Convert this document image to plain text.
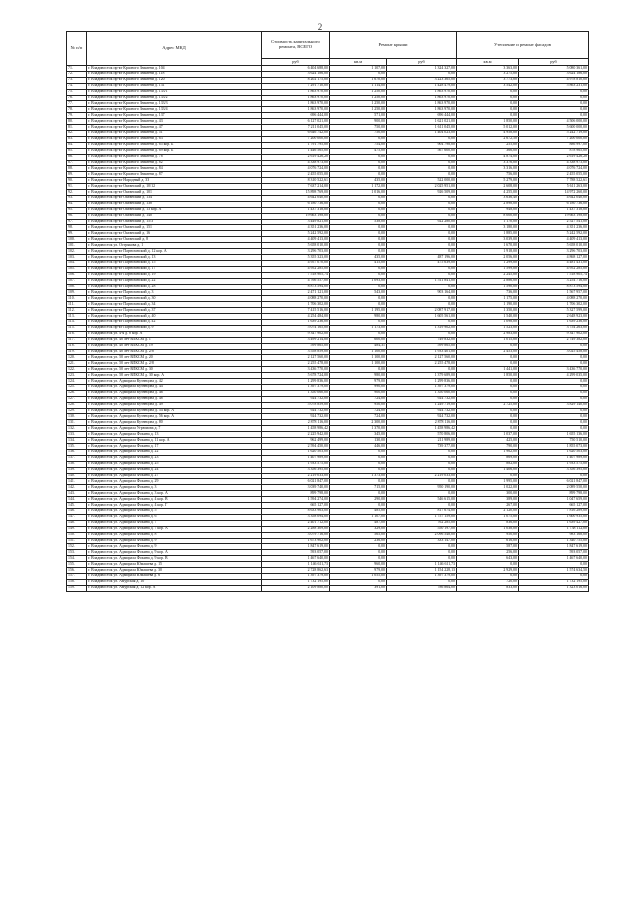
2
№ п/п	Адрес МКД	Стоимость капитального ремонта, ВСЕГО	Ремонт крыши		Утепление и ремонт фасадов	
		руб	кв.м	руб	кв.м	руб
71.	г. Владивосток пр-кт Красного Знамени д. 104	6 404 688,00	1 107,00	1 324 327,00	3 363,00	5 080 361,00
72.	г. Владивосток пр-кт Красного Знамени д. 118	3 624 186,00	0,00	0,00	3 275,00	3 624 186,00
73.	г. Владивосток пр-кт Красного Знамени д. 120	8 202 175,00	1 670,00	3 223 365,00	3 773,00	4 978 810,00
74.	г. Владивосток пр-кт Красного Знамени д. 131	7 291 710,00	1 114,00	1 428 479,00	3 542,00	5 863 231,00
75.	г. Владивосток пр-кт Красного Знамени д. 133/1	1 863 970,00	1 250,00	1 863 970,00	0,00	0,00
76.	г. Владивосток пр-кт Красного Знамени д. 133/2	1 863 970,00	1 250,00	1 863 970,00	0,00	0,00
77.	г. Владивосток пр-кт Красного Знамени д. 133/3	1 863 970,00	1 250,00	1 863 970,00	0,00	0,00
78.	г. Владивосток пр-кт Красного Знамени д. 133/4	1 863 970,00	1 250,00	1 863 970,00	0,00	0,00
79.	г. Владивосток пр-кт Красного Знамени д. 137	696 444,00	571,00	696 444,00	0,00	0,00
80.	г. Владивосток пр-кт Красного Знамени д. 43	6 127 021,00	900,00	1 621 021,00	1 850,00	4 506 000,00
81.	г. Владивосток пр-кт Красного Знамени д. 47	7 211 045,00	750,00	1 611 045,00	5 012,00	5 600 000,00
82.	г. Владивосток пр-кт Красного Знамени д. 51	6 646 742,00	750,00	1 404 023,00	4 958,00	5 242 719,00
83.	г. Владивосток пр-кт Красного Знамени д. 63	7 200 000,00	0,00	0,00	2 672,50	7 200 000,00
84.	г. Владивосток пр-кт Красного Знамени д. 65 кор. Б	1 791 795,00	754,00	904 798,00	255,00	886 997,00
85.	г. Владивосток пр-кт Красного Знамени д. 69 кор. Б	1 446 565,00	475,00	567 600,00	366,00	878 965,00
86.	г. Владивосток пр-кт Красного Знамени д. 78	2 619 426,28	0,00	0,00	4 874,00	2 619 426,28
87.	г. Владивосток пр-кт Красного Знамени д. 82	4 338 973,00	0,00	0,00	3 376,00	4 338 973,00
88.	г. Владивосток пр-кт Красного Знамени д. 84	4 076 724,00	0,00	0,00	3 316,00	4 076 724,00
89.	г. Владивосток пр-кт Красного Знамени д. 87	2 455 055,00	0,00	0,00	756,00	2 455 055,00
90.	г. Владивосток пр-кт Народный д. 33	8 310 522,61	435,00	522 000,00	5 279,00	7 788 522,61
91.	г. Владивосток пр-кт Океанский д. 10/12	7 637 214,00	1 172,00	2 025 951,00	2 608,00	5 611 263,00
92.	г. Владивосток пр-кт Океанский д. 101	15 898 769,00	1 016,00	926 509,00	4 255,00	14 972 260,00
93.	г. Владивосток пр-кт Океанский д. 134	4 642 040,00	0,00	0,00	3 636,40	4 642 040,00
94.	г. Владивосток пр-кт Океанский д. 138	6 180 736,00	0,00	0,00	2 898,00	6 180 736,00
95.	г. Владивосток пр-кт Океанский д. 13 кор. А	1 437 318,00	0,00	0,00	948,00	1 437 318,00
96.	г. Владивосток пр-кт Океанский д. 140	19 663 198,00	0,00	0,00	8 000,00	19 663 198,00
97.	г. Владивосток пр-кт Океанский д. 15/3	3 449 821,00	538,00	922 280,00	1 170,00	2 527 541,00
98.	г. Владивосток пр-кт Океанский д. 151	4 351 236,00	0,00	0,00	3 180,00	4 351 236,00
99.	г. Владивосток пр-кт Океанский д. 16	5 242 592,00	0,00	0,00	1 885,00	5 242 592,00
100.	г. Владивосток пр-кт Океанский д. 8	4 409 413,00	0,00	0,00	3 039,00	4 409 413,00
101.	г. Владивосток ул. Острякова д. 1	5 658 010,00	0,00	0,00	1 670,00	5 658 010,00
102.	г. Владивосток пр-кт Партизанский д. 12 кор. А	3 296 703,00	0,00	0,00	1 918,00	3 296 703,00
103.	г. Владивосток пр-кт Партизанский д. 13	5 355 323,00	435,00	487 196,00	2 056,00	4 868 127,00
104.	г. Владивосток пр-кт Партизанский д. 15	4 957 070,00	415,00	475 639,00	1 299,00	4 481 431,00
105.	г. Владивосток пр-кт Партизанский д. 17	4 952 285,00	0,00	0,00	1 599,00	4 952 285,00
106.	г. Владивосток пр-кт Партизанский д. 19	7 518 905,74	0,00	0,00	2 245,00	7 518 905,74
107.	г. Владивосток пр-кт Партизанский д. 22	4 766 557,00	1 093,00	1 511 841,00	2 886,00	3 254 716,00
108.	г. Владивосток пр-кт Партизанский д. 28	8 873 594,00	0,00	0,00	1 590,00	8 873 594,00
109.	г. Владивосток пр-кт Партизанский д. 3	2 471 121,00	543,00	903 164,00	736,00	1 567 957,00
110.	г. Владивосток пр-кт Партизанский д. 30	4 088 270,00	0,00	0,00	1 175,00	4 088 270,00
111.	г. Владивосток пр-кт Партизанский д. 34	1 706 302,00	0,00	0,00	1 190,00	1 706 302,00
112.	г. Владивосток пр-кт Партизанский д. 37	7 415 516,00	1 195,00	2 087 917,00	1 350,00	5 327 599,00
113.	г. Владивосток пр-кт Партизанский д. 40	4 254 484,00	980,00	1 605 561,00	1 540,00	2 648 923,00
114.	г. Владивосток пр-кт Партизанский д. 42	1 639 236,00	0,00	0,00	1 098,00	1 639 236,00
115.	г. Владивосток пр-кт Партизанский д. 9	5 074 165,00	1 173,00	1 319 902,00	1 523,00	3 754 263,00
116.	г. Владивосток ул. 4-я д. 8 кор. А	9 347 902,00	0,00	0,00	2 983,00	9 347 902,00
117.	г. Владивосток ул. 40 лет ВЛКСМ д. 1	3 499 214,00	600,00	749 832,00	1 015,00	2 749 382,00
118.	г. Владивосток ул. 40 лет ВЛКСМ д. 19	599 865,00	484,31	599 865,00	0,00	0,00
119.	г. Владивосток ул. 40 лет ВЛКСМ д. 2/8	3 558 859,00	1 100,00	1 933 401,00	2 453,00	3 025 458,00
120.	г. Владивосток ул. 50 лет ВЛКСМ д. 20	2 127 560,00	1 100,00	2 127 560,00	0,00	0,00
121.	г. Владивосток ул. 50 лет ВЛКСМ д. 2/8	2 255 478,00	1 100,00	2 255 478,00	0,00	0,00
122.	г. Владивосток ул. 50 лет ВЛКСМ д. 30	3 436 770,00	0,00	0,00	1 441,00	3 436 770,00
123.	г. Владивосток ул. 50 лет ВЛКСМ д. 30 кор. А	5 678 724,00	980,00	1 379 689,00	1 850,00	4 299 035,00
124.	г. Владивосток ул. Адмирала Кузнецова д. 42	1 299 836,00	979,00	1 299 836,00	0,00	0,00
125.	г. Владивосток ул. Адмирала Кузнецова д. 44	1 397 379,00	990,00	1 397 379,00	0,00	0,00
126.	г. Владивосток ул. Адмирала Кузнецова д. 46	1 350 060,00	900,00	1 350 060,00	0,00	0,00
127.	г. Владивосток ул. Адмирала Кузнецова д. 48	924 732,00	724,00	924 732,00	0,00	0,00
128.	г. Владивосток ул. Адмирала Кузнецова д. 49	5 078 859,00	950,00	1 249 719,00	2 725,00	3 829 140,00
129.	г. Владивосток ул. Адмирала Кузнецова д. 54 кор. А	924 732,00	724,00	924 732,00	0,00	0,00
130.	г. Владивосток ул. Адмирала Кузнецова д. 56 кор. А	924 732,00	724,00	924 732,00	0,00	0,00
131.	г. Владивосток ул. Адмирала Кузнецова д. 80	2 878 116,00	2 300,00	2 878 116,00	0,00	0,00
132.	г. Владивосток ул. Адмирала Угрюмова д. 7	1 458 986,42	1 370,00	1 458 986,42	0,00	0,00
133.	г. Владивосток ул. Адмирала Фокина д. 13	2 225 942,00	345,00	570 806,00	1 037,00	1 655 136,00
134.	г. Владивосток ул. Адмирала Фокина д. 11 кор. А	962 499,00	130,00	211 989,00	425,00	750 510,00
135.	г. Владивосток ул. Адмирала Фокина д. 17	2 594 450,00	446,00	739 377,00	790,00	1 855 073,00
136.	г. Владивосток ул. Адмирала Фокина д. 22	1 620 503,00	0,00	0,00	1 962,00	1 620 503,00
137.	г. Владивосток ул. Адмирала Фокина д. 23	1 407 989,00	0,00	0,00	869,00	1 407 989,00
138.	г. Владивосток ул. Адмирала Фокина д. 25	1 933 575,00	0,00	0,00	882,00	1 933 575,00
139.	г. Владивосток ул. Адмирала Фокина д. 24	3 356 395,00	0,00	0,00	1 406,00	3 356 395,00
140.	г. Владивосток ул. Адмирала Фокина д. 27	2 219 033,00	1 373,00	2 219 033,00	0,00	0,00
141.	г. Владивосток ул. Адмирала Фокина д. 29	6 021 847,00	0,00	0,00	1 995,00	6 021 847,00
142.	г. Владивосток ул. Адмирала Фокина д. 3	3 039 740,00	715,00	950 190,00	1 022,00	2 089 550,00
143.	г. Владивосток ул. Адмирала Фокина д. 3 кор. А	899 798,00	0,00	0,00	300,00	899 798,00
144.	г. Владивосток ул. Адмирала Фокина д. 4 кор. В	1 594 274,00	290,00	546 615,00	389,00	1 047 659,00
145.	г. Владивосток ул. Адмирала Фокина д. 4 кор. Г	665 127,00	0,00	0,00	267,00	665 127,00
146.	г. Владивосток ул. Адмирала Фокина д. 5	8 633 963,00	485,00	817 674,00	2 120,00	7 816 289,00
147.	г. Владивосток ул. Адмирала Фокина д. 6	3 358 094,00	1 107,00	1 757 159,00	1 075,00	1 600 935,00
148.	г. Владивосток ул. Адмирала Фокина д. 7	2 401 712,00	487,00	762 285,00	836,00	1 639 427,00
149.	г. Владивосток ул. Адмирала Фокина д. 7 кор. А	2 288 309,00	329,00	550 197,00	1 038,00	1 738 112,00
150.	г. Владивосток ул. Адмирала Фокина д. 8	3 079 716,00	565,00	2 096 548,00	950,00	983 168,00
151.	г. Владивосток ул. Адмирала Фокина д. 9	1 673 902,00	236,00	333 147,00	616,00	1 340 755,00
152.	г. Владивосток ул. Адмирала Фокина д. 9	1 847 619,00	0,00	0,00	587,00	1 847 619,00
153.	г. Владивосток ул. Адмирала Фокина д. 9 кор. А	593 057,00	0,00	0,00	256,00	593 057,00
154.	г. Владивосток ул. Адмирала Фокина д. 9 кор. В	1 467 640,00	0,00	0,00	643,00	1 467 640,00
155.	г. Владивосток ул. Адмирала Юмашева д. 15	1 146 611,73	960,00	1 146 611,73	0,00	0,00
156.	г. Владивосток ул. Адмирала Юмашева д. 30	2 728 862,63	979,00	1 154 228,13	2 929,00	1 574 634,50
157.	г. Владивосток ул. Адмирала Юмашева д. 6	1 397 379,00	1 055,00	1 397 379,00	0,00	0,00
158.	г. Владивосток ул. Амурская д. 10	1 732 195,00	0,00	0,00	720,00	1 732 195,00
159.	г. Владивосток ул. Амурская д. 12 кор. А	2 109 880,00	391,00	786 864,00	833,00	1 323 016,00
